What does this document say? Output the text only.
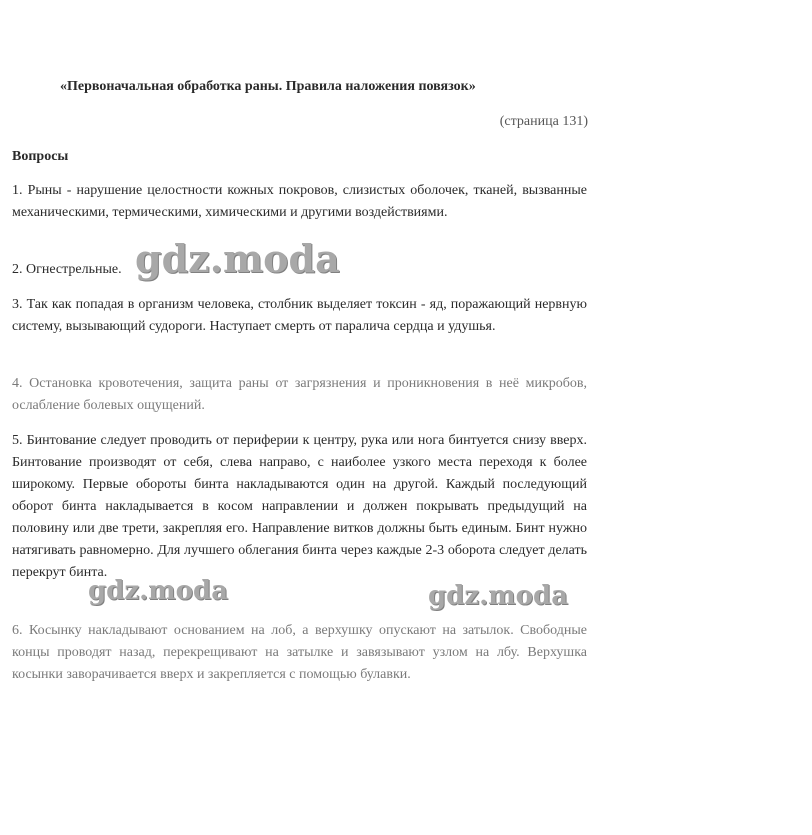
«Первоначальная обработка раны. Правила наложения повязок»
(страница 131)
Вопросы

1. Рыны - нарушение целостности кожных покровов, слизистых оболочек, тканей, вызванные механическими, термическими, химическими и другими воздействиями.

2. Огнестрельные.

3. Так как попадая в организм человека, столбник выделяет токсин - яд, поражающий нервную систему, вызывающий судороги. Наступает смерть от паралича сердца и удушья.

4. Остановка кровотечения, защита раны от загрязнения и проникновения в неё микробов, ослабление болевых ощущений.

5. Бинтование следует проводить от периферии к центру, рука или нога бинтуется снизу вверх. Бинтование производят от себя, слева направо, с наиболее узкого места переходя к более широкому. Первые обороты бинта накладываются один на другой. Каждый последующий оборот бинта накладывается в косом направлении и должен покрывать предыдущий на половину или две трети, закрепляя его. Направление витков должны быть единым. Бинт нужно натягивать равномерно. Для лучшего облегания бинта через каждые 2-3 оборота следует делать перекрут бинта.

6. Косынку накладывают основанием на лоб, а верхушку опускают на затылок. Свободные концы проводят назад, перекрещивают на затылке и завязывают узлом на лбу. Верхушка косынки заворачивается вверх и закрепляется с помощью булавки.

gdz.moda
gdz.moda	gdz.moda
